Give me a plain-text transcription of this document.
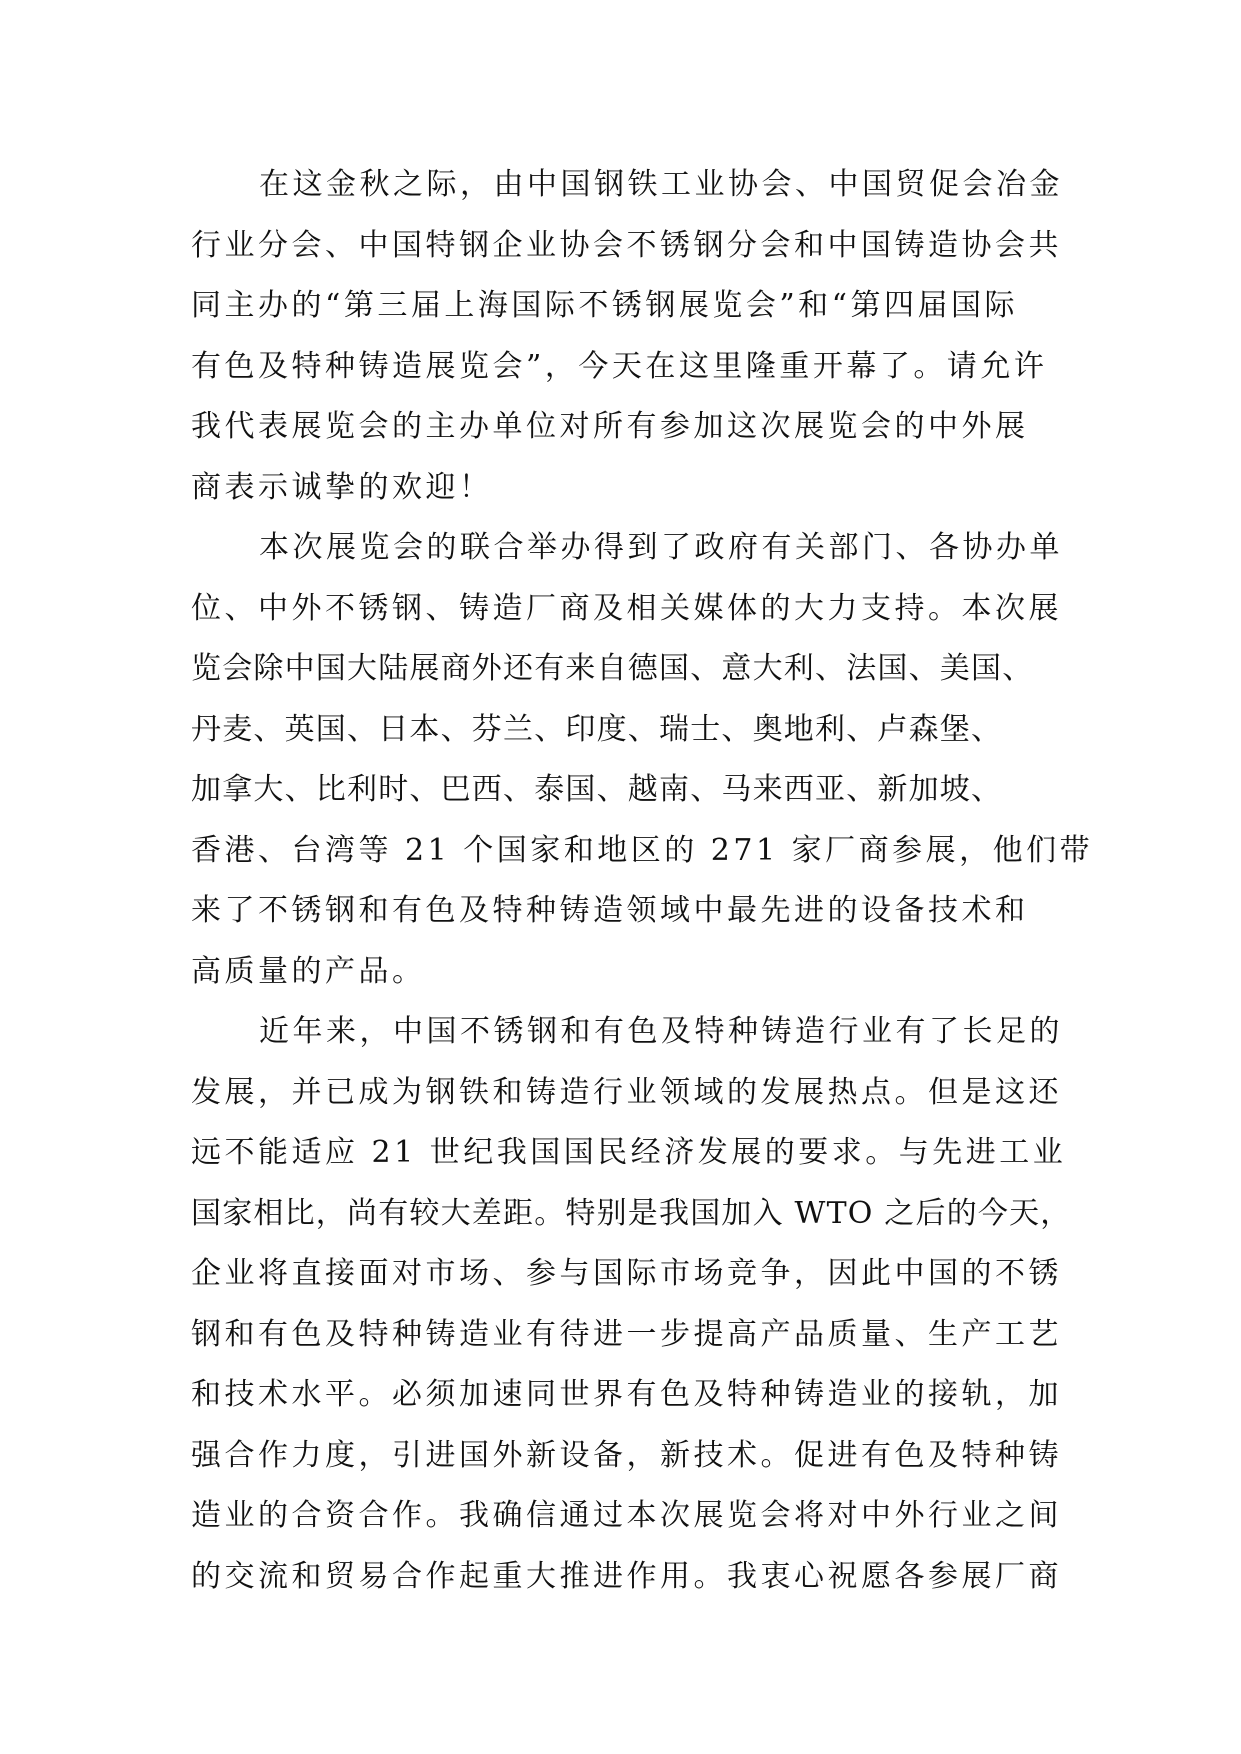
在这金秋之际，由中国钢铁工业协会、中国贸促会冶金
行业分会、中国特钢企业协会不锈钢分会和中国铸造协会共
同主办的“第三届上海国际不锈钢展览会”和“第四届国际
有色及特种铸造展览会”，今天在这里隆重开幕了。请允许
我代表展览会的主办单位对所有参加这次展览会的中外展
商表示诚挚的欢迎！
本次展览会的联合举办得到了政府有关部门、各协办单
位、中外不锈钢、铸造厂商及相关媒体的大力支持。本次展
览会除中国大陆展商外还有来自德国、意大利、法国、美国、
丹麦、英国、日本、芬兰、印度、瑞士、奥地利、卢森堡、
加拿大、比利时、巴西、泰国、越南、马来西亚、新加坡、
香港、台湾等 21 个国家和地区的 271 家厂商参展，他们带
来了不锈钢和有色及特种铸造领域中最先进的设备技术和
高质量的产品。
近年来，中国不锈钢和有色及特种铸造行业有了长足的
发展，并已成为钢铁和铸造行业领域的发展热点。但是这还
远不能适应 21 世纪我国国民经济发展的要求。与先进工业
国家相比，尚有较大差距。特别是我国加入 WTO 之后的今天，
企业将直接面对市场、参与国际市场竞争，因此中国的不锈
钢和有色及特种铸造业有待进一步提高产品质量、生产工艺
和技术水平。必须加速同世界有色及特种铸造业的接轨，加
强合作力度，引进国外新设备，新技术。促进有色及特种铸
造业的合资合作。我确信通过本次展览会将对中外行业之间
的交流和贸易合作起重大推进作用。我衷心祝愿各参展厂商
